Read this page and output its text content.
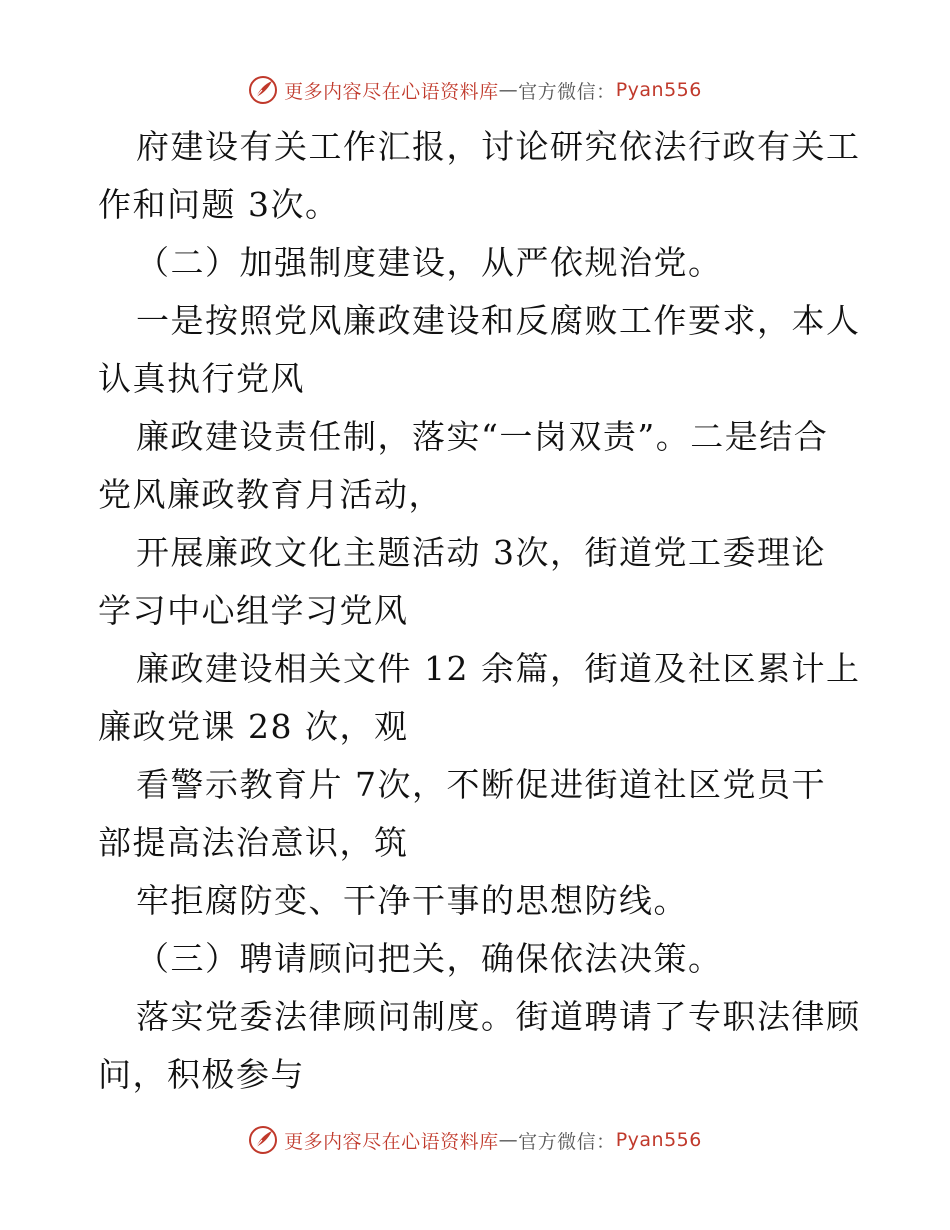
更多内容尽在心语资料库 — 官方微信： Pyan556
府建设有关工作汇报，讨论研究依法行政有关工
作和问题 3次。
（二）加强制度建设，从严依规治党。
一是按照党风廉政建设和反腐败工作要求，本人
认真执行党风
廉政建设责任制，落实“一岗双责”。二是结合
党风廉政教育月活动，
开展廉政文化主题活动 3次，街道党工委理论
学习中心组学习党风
廉政建设相关文件 12 余篇，街道及社区累计上
廉政党课 28 次，观
看警示教育片 7次，不断促进街道社区党员干
部提高法治意识，筑
牢拒腐防变、干净干事的思想防线。
（三）聘请顾问把关，确保依法决策。
落实党委法律顾问制度。街道聘请了专职法律顾
问，积极参与
更多内容尽在心语资料库 — 官方微信： Pyan556
